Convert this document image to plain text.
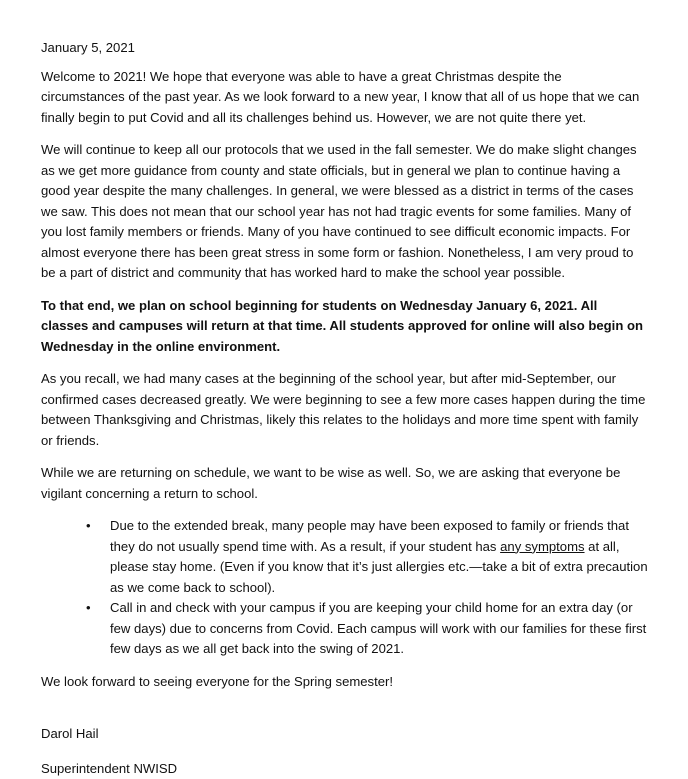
January 5, 2021

Welcome to 2021! We hope that everyone was able to have a great Christmas despite the circumstances of the past year. As we look forward to a new year, I know that all of us hope that we can finally begin to put Covid and all its challenges behind us. However, we are not quite there yet.

We will continue to keep all our protocols that we used in the fall semester. We do make slight changes as we get more guidance from county and state officials, but in general we plan to continue having a good year despite the many challenges. In general, we were blessed as a district in terms of the cases we saw. This does not mean that our school year has not had tragic events for some families. Many of you lost family members or friends. Many of you have continued to see difficult economic impacts. For almost everyone there has been great stress in some form or fashion. Nonetheless, I am very proud to be a part of district and community that has worked hard to make the school year possible.

To that end, we plan on school beginning for students on Wednesday January 6, 2021. All classes and campuses will return at that time. All students approved for online will also begin on Wednesday in the online environment.

As you recall, we had many cases at the beginning of the school year, but after mid-September, our confirmed cases decreased greatly. We were beginning to see a few more cases happen during the time between Thanksgiving and Christmas, likely this relates to the holidays and more time spent with family or friends.

While we are returning on schedule, we want to be wise as well. So, we are asking that everyone be vigilant concerning a return to school.

• Due to the extended break, many people may have been exposed to family or friends that they do not usually spend time with. As a result, if your student has any symptoms at all, please stay home. (Even if you know that it’s just allergies etc.—take a bit of extra precaution as we come back to school).
• Call in and check with your campus if you are keeping your child home for an extra day (or few days) due to concerns from Covid. Each campus will work with our families for these first few days as we all get back into the swing of 2021.

We look forward to seeing everyone for the Spring semester!

Darol Hail

Superintendent NWISD
